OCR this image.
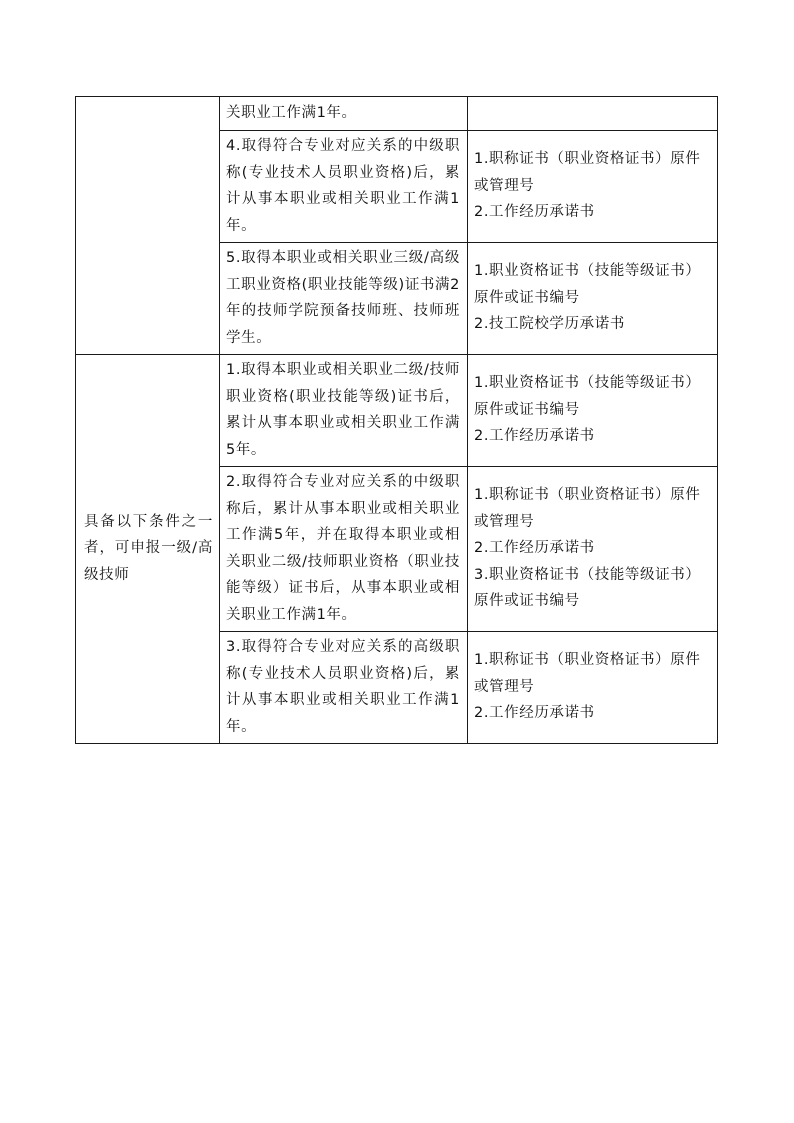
	关职业工作满1年。	

	4.取得符合专业对应关系的中级职称(专业技术人员职业资格)后，累计从事本职业或相关职业工作满1年。	1.职称证书（职业资格证书）原件或管理号
2.工作经历承诺书

	5.取得本职业或相关职业三级/高级工职业资格(职业技能等级)证书满2年的技师学院预备技师班、技师班学生。	1.职业资格证书（技能等级证书）原件或证书编号
2.技工院校学历承诺书

具备以下条件之一者，可申报一级/高级技师	1.取得本职业或相关职业二级/技师职业资格(职业技能等级)证书后，累计从事本职业或相关职业工作满5年。	1.职业资格证书（技能等级证书）原件或证书编号
2.工作经历承诺书

	2.取得符合专业对应关系的中级职称后，累计从事本职业或相关职业工作满5年，并在取得本职业或相关职业二级/技师职业资格（职业技能等级）证书后，从事本职业或相关职业工作满1年。	1.职称证书（职业资格证书）原件或管理号
2.工作经历承诺书
3.职业资格证书（技能等级证书）原件或证书编号

	3.取得符合专业对应关系的高级职称(专业技术人员职业资格)后，累计从事本职业或相关职业工作满1年。	1.职称证书（职业资格证书）原件或管理号
2.工作经历承诺书
